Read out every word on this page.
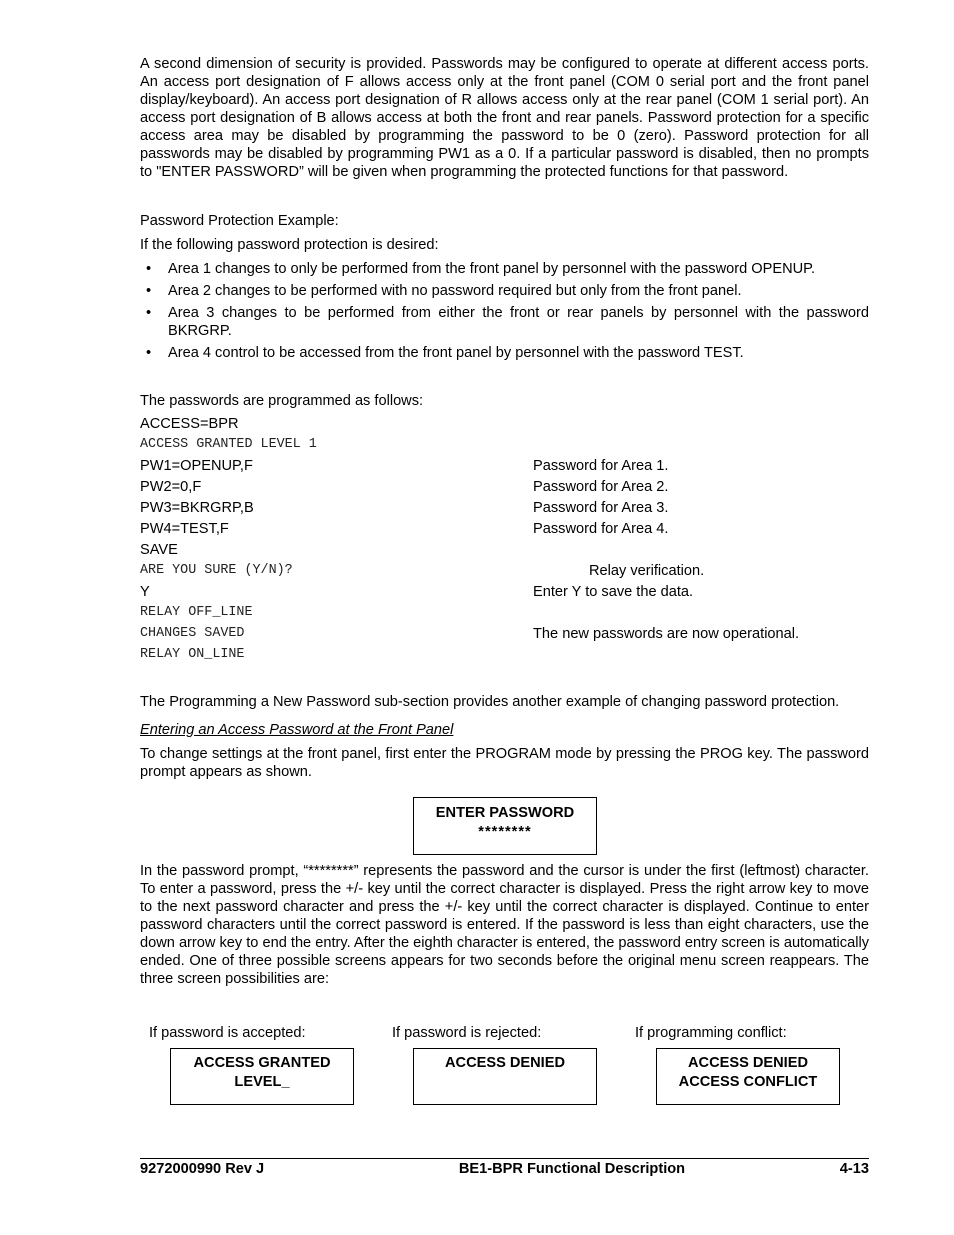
A second dimension of security is provided. Passwords may be configured to operate at different access ports. An access port designation of F allows access only at the front panel (COM 0 serial port and the front panel display/keyboard). An access port designation of R allows access only at the rear panel (COM 1 serial port). An access port designation of B allows access at both the front and rear panels. Password protection for a specific access area may be disabled by programming the password to be 0 (zero). Password protection for all passwords may be disabled by programming PW1 as a 0. If a particular password is disabled, then no prompts to "ENTER PASSWORD” will be given when programming the protected functions for that password.

Password Protection Example:

If the following password protection is desired:

• Area 1 changes to only be performed from the front panel by personnel with the password OPENUP.
• Area 2 changes to be performed with no password required but only from the front panel.
• Area 3 changes to be performed from either the front or rear panels by personnel with the password BKRGRP.
• Area 4 control to be accessed from the front panel by personnel with the password TEST.

The passwords are programmed as follows:

ACCESS=BPR
ACCESS GRANTED LEVEL 1
PW1=OPENUP,F	Password for Area 1.
PW2=0,F	Password for Area 2.
PW3=BKRGRP,B	Password for Area 3.
PW4=TEST,F	Password for Area 4.
SAVE
ARE YOU SURE (Y/N)?	Relay verification.
Y	Enter Y to save the data.
RELAY OFF_LINE
CHANGES SAVED	The new passwords are now operational.
RELAY ON_LINE

The Programming a New Password sub-section provides another example of changing password protection.

Entering an Access Password at the Front Panel

To change settings at the front panel, first enter the PROGRAM mode by pressing the PROG key. The password prompt appears as shown.

ENTER PASSWORD
********

In the password prompt, “********” represents the password and the cursor is under the first (leftmost) character. To enter a password, press the +/- key until the correct character is displayed. Press the right arrow key to move to the next password character and press the +/- key until the correct character is displayed. Continue to enter password characters until the correct password is entered. If the password is less than eight characters, use the down arrow key to end the entry. After the eighth character is entered, the password entry screen is automatically ended. One of three possible screens appears for two seconds before the original menu screen reappears. The three screen possibilities are:

If password is accepted:	If password is rejected:	If programming conflict:

ACCESS GRANTED
LEVEL_
ACCESS DENIED	ACCESS DENIED
ACCESS CONFLICT
9272000990 Rev J	BE1-BPR Functional Description	4-13
